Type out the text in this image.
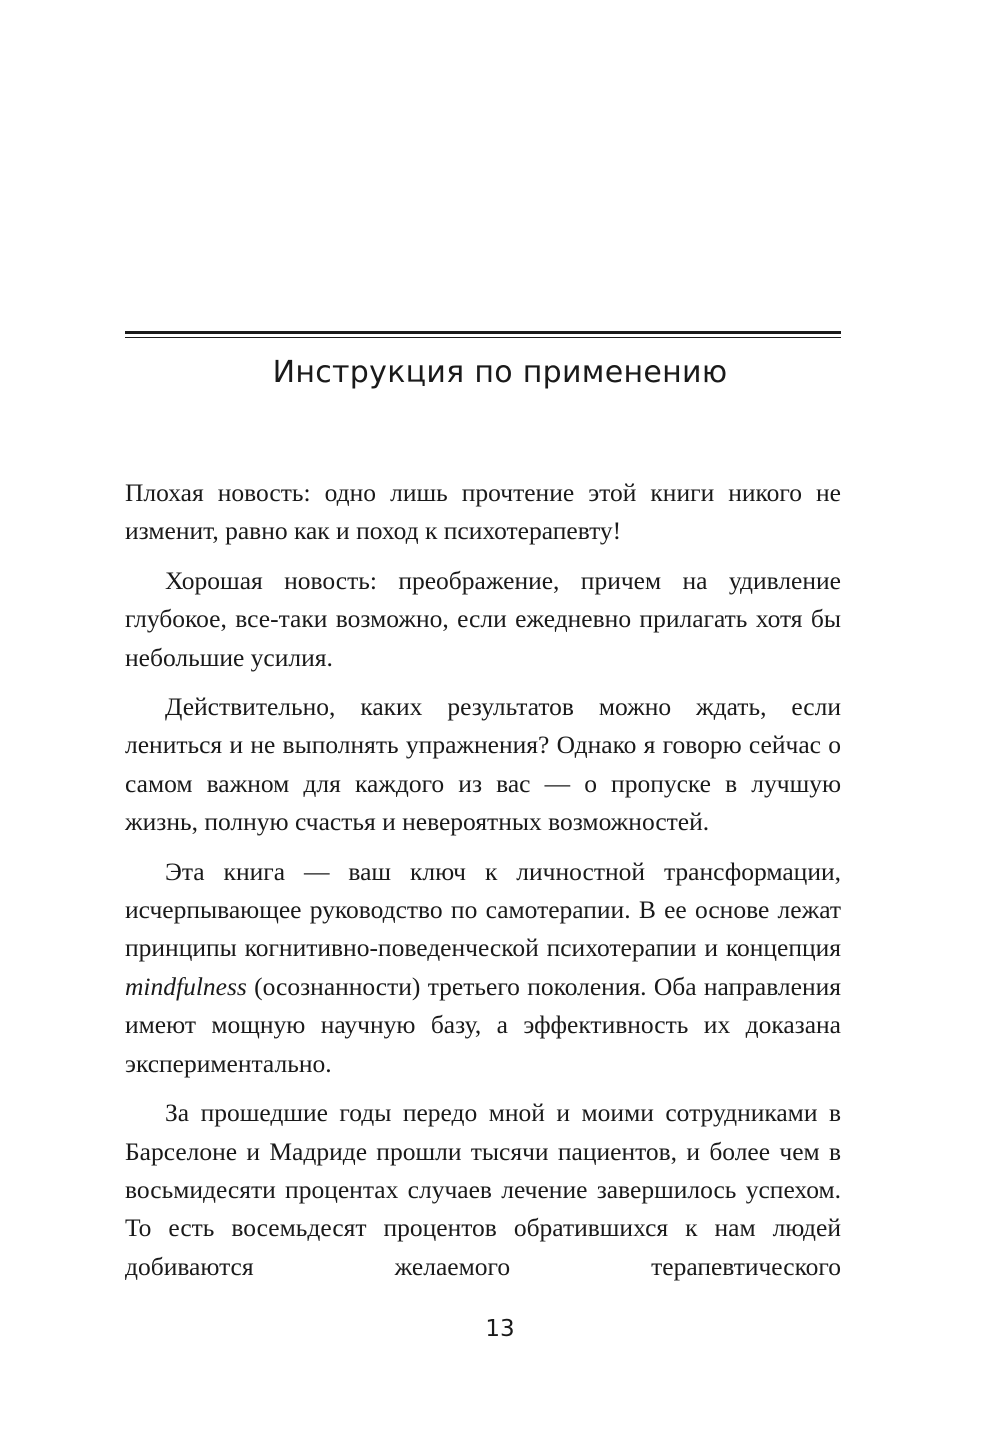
Инструкция по применению

Плохая новость: одно лишь прочтение этой книги никого не изменит, равно как и поход к психотерапевту!

Хорошая новость: преображение, причем на удивление глубокое, все-таки возможно, если ежедневно прилагать хотя бы небольшие усилия.

Действительно, каких результатов можно ждать, если лениться и не выполнять упражнения? Однако я говорю сейчас о самом важном для каждого из вас — о пропуске в лучшую жизнь, полную счастья и невероятных возможностей.

Эта книга — ваш ключ к личностной трансформации, исчерпывающее руководство по самотерапии. В ее основе лежат принципы когнитивно-поведенческой психотерапии и концепция mindfulness (осознанности) третьего поколения. Оба направления имеют мощную научную базу, а эффективность их доказана экспериментально.

За прошедшие годы передо мной и моими сотрудниками в Барселоне и Мадриде прошли тысячи пациентов, и более чем в восьмидесяти процентах случаев лечение завершилось успехом. То есть восемьдесят процентов обратившихся к нам людей добиваются желаемого терапевтического

13
